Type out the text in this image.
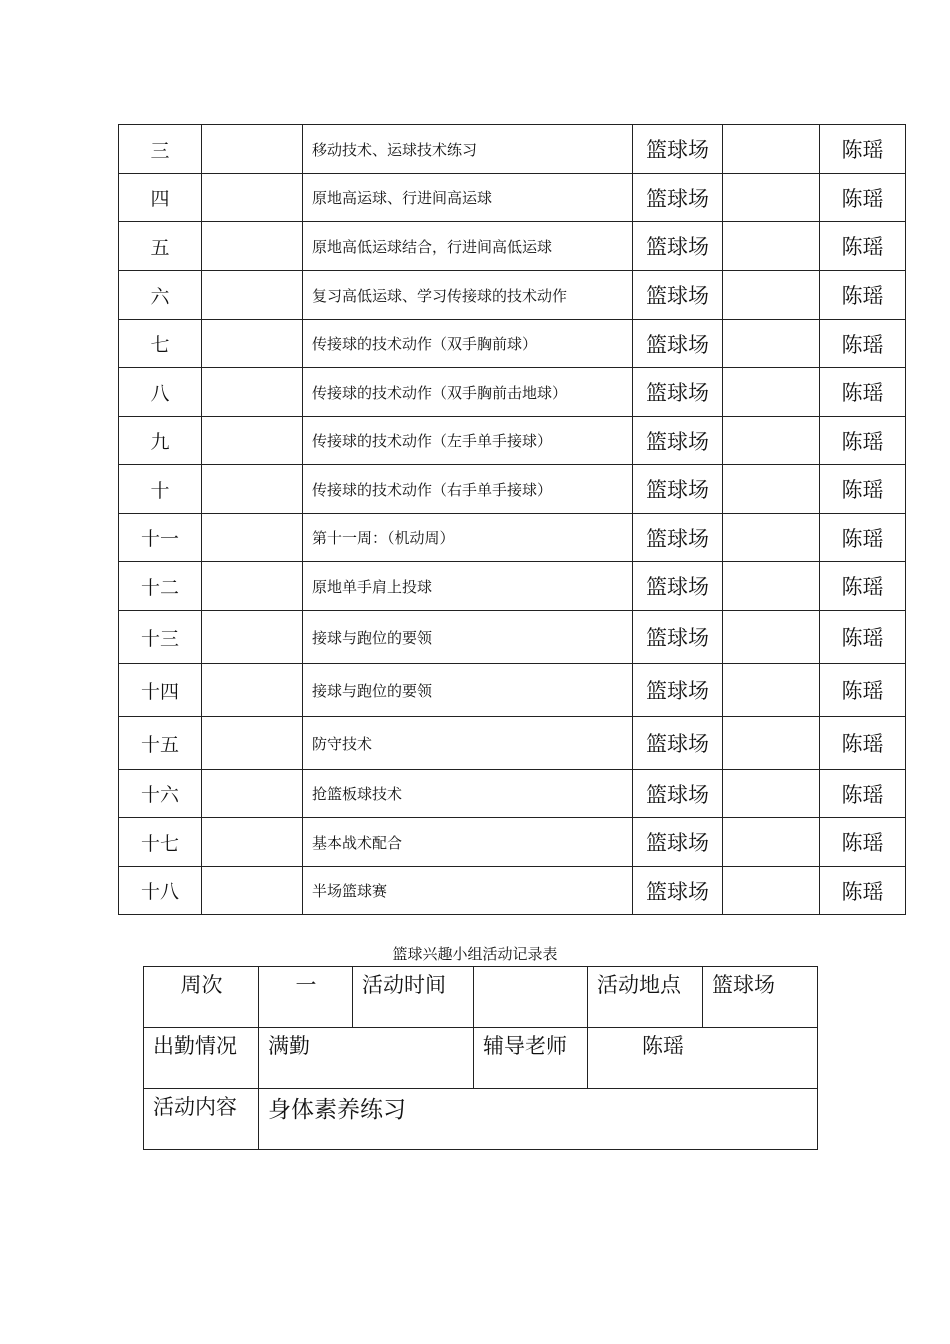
三		移动技术、运球技术练习	篮球场		陈瑶
四		原地高运球、行进间高运球	篮球场		陈瑶
五		原地高低运球结合，行进间高低运球	篮球场		陈瑶
六		复习高低运球、学习传接球的技术动作	篮球场		陈瑶
七		传接球的技术动作（双手胸前球）	篮球场		陈瑶
八		传接球的技术动作（双手胸前击地球）	篮球场		陈瑶
九		传接球的技术动作（左手单手接球）	篮球场		陈瑶
十		传接球的技术动作（右手单手接球）	篮球场		陈瑶
十一		第十一周：（机动周）	篮球场		陈瑶
十二		原地单手肩上投球	篮球场		陈瑶
十三		接球与跑位的要领	篮球场		陈瑶
十四		接球与跑位的要领	篮球场		陈瑶
十五		防守技术	篮球场		陈瑶
十六		抢篮板球技术	篮球场		陈瑶
十七		基本战术配合	篮球场		陈瑶
十八		半场篮球赛	篮球场		陈瑶
篮球兴趣小组活动记录表
周次	一	活动时间		活动地点	篮球场
出勤情况	满勤		辅导老师	陈瑶	
活动内容	身体素养练习				
